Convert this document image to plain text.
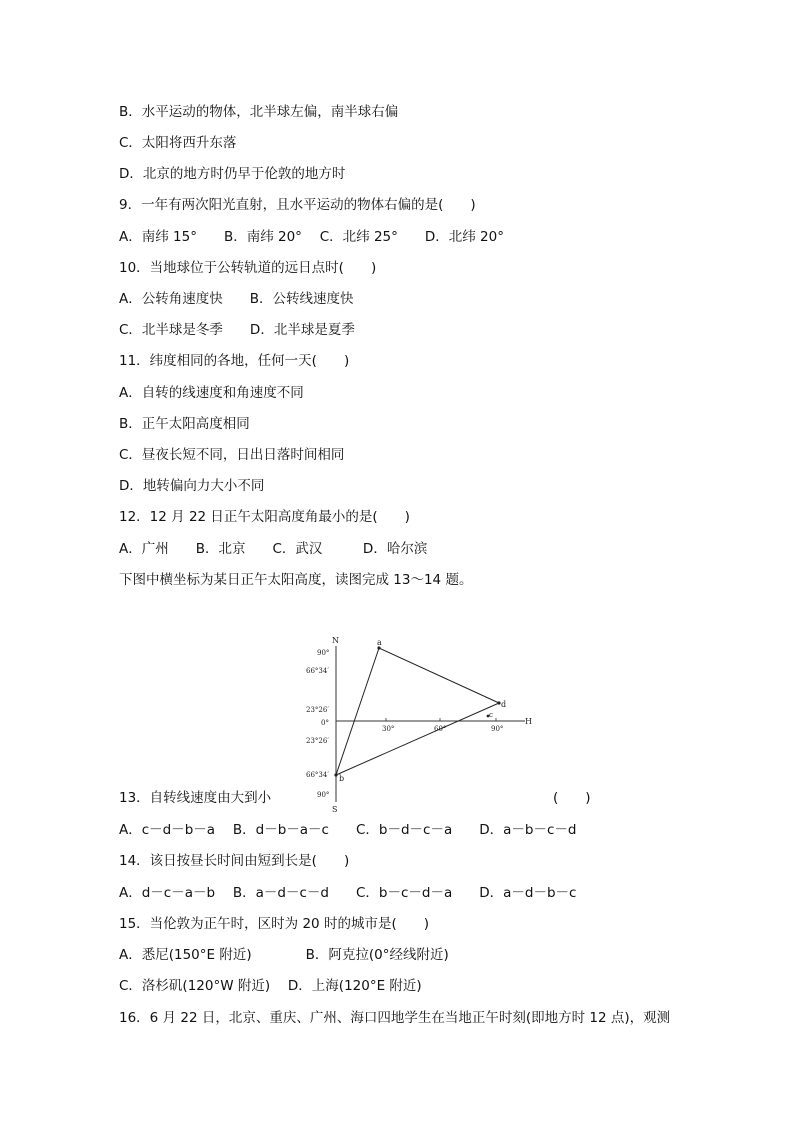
B．水平运动的物体，北半球左偏，南半球右偏
C．太阳将西升东落
D．北京的地方时仍早于伦敦的地方时
9．一年有两次阳光直射，且水平运动的物体右偏的是(　　)
A．南纬 15°　　B．南纬 20°　 C．北纬 25°　　D．北纬 20°
10．当地球位于公转轨道的远日点时(　　)
A．公转角速度快　　B．公转线速度快
C．北半球是冬季　　D．北半球是夏季
11．纬度相同的各地，任何一天(　　)
A．自转的线速度和角速度不同
B．正午太阳高度相同
C．昼夜长短不同，日出日落时间相同
D．地转偏向力大小不同
12．12 月 22 日正午太阳高度角最小的是(　　)
A．广州　　B．北京　　C．武汉　　　D．哈尔滨
下图中横坐标为某日正午太阳高度，读图完成 13～14 题。
N
S
H
90°
66°34′
23°26′
0°
23°26′
66°34′
90°
30°	60°	90°
a
b
c
d
13．自转线速度由大到小	(　　)
A．c－d－b－a　 B．d－b－a－c　　C．b－d－c－a　　D．a－b－c－d
14．该日按昼长时间由短到长是(　　)
A．d－c－a－b　 B．a－d－c－d　　C．b－c－d－a　　D．a－d－b－c
15．当伦敦为正午时，区时为 20 时的城市是(　　)
A．悉尼(150°E 附近)　　　　B．阿克拉(0°经线附近)
C．洛杉矶(120°W 附近)　 D．上海(120°E 附近)
16．6 月 22 日，北京、重庆、广州、海口四地学生在当地正午时刻(即地方时 12 点)，观测
